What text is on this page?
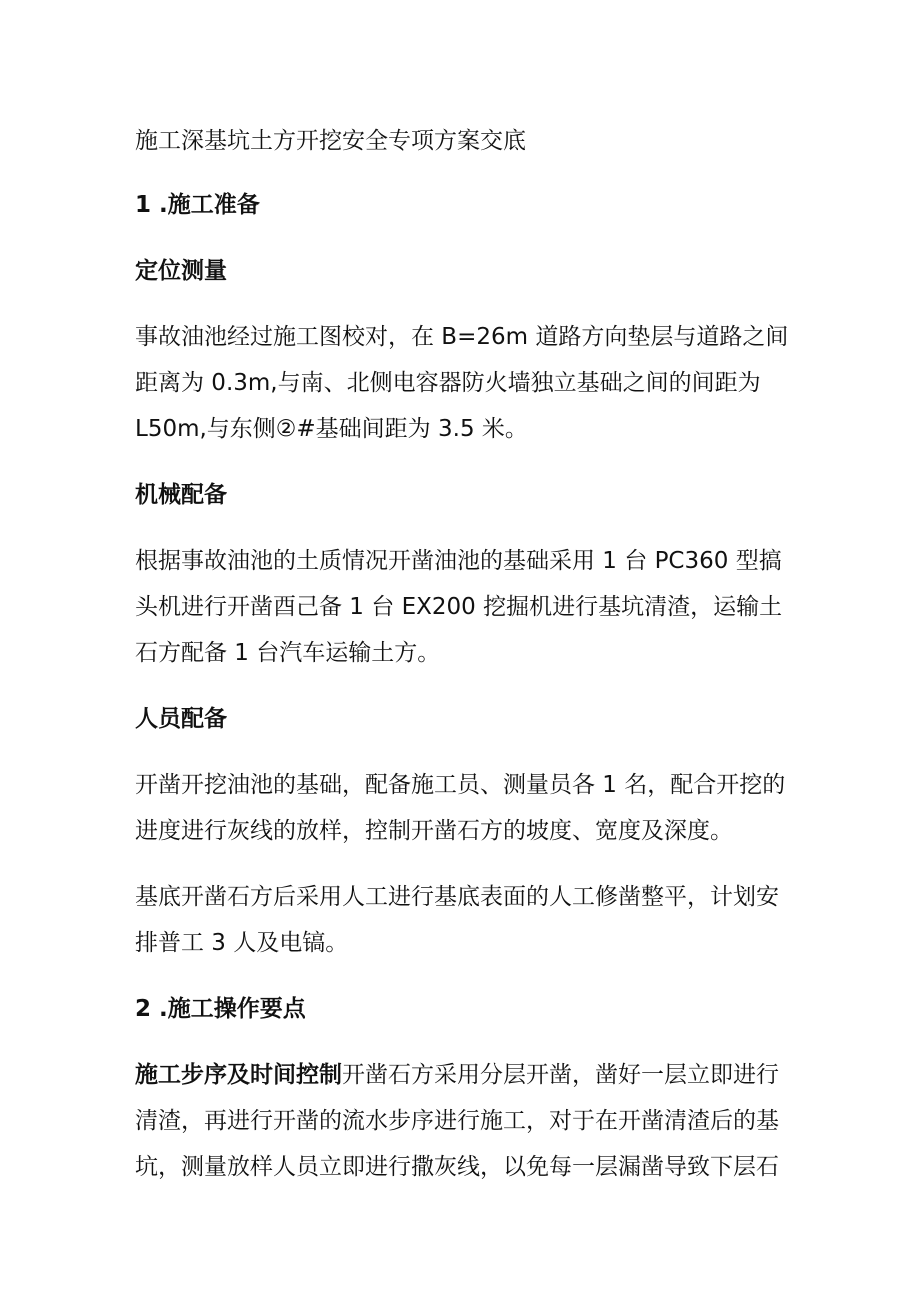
施工深基坑土方开挖安全专项方案交底
1 .施工准备
定位测量
事故油池经过施工图校对，在 B=26m 道路方向垫层与道路之间
距离为 0.3m,与南、北侧电容器防火墙独立基础之间的间距为
L50m,与东侧②#基础间距为 3.5 米。
机械配备
根据事故油池的土质情况开凿油池的基础采用 1 台 PC360 型搞
头机进行开凿酉己备 1 台 EX200 挖掘机进行基坑清渣，运输土
石方配备 1 台汽车运输土方。
人员配备
开凿开挖油池的基础，配备施工员、测量员各 1 名，配合开挖的
进度进行灰线的放样，控制开凿石方的坡度、宽度及深度。
基底开凿石方后采用人工进行基底表面的人工修凿整平，计划安
排普工 3 人及电镐。
2 .施工操作要点
施工步序及时间控制开凿石方采用分层开凿，凿好一层立即进行
清渣，再进行开凿的流水步序进行施工，对于在开凿清渣后的基
坑，测量放样人员立即进行撒灰线，以免每一层漏凿导致下层石
